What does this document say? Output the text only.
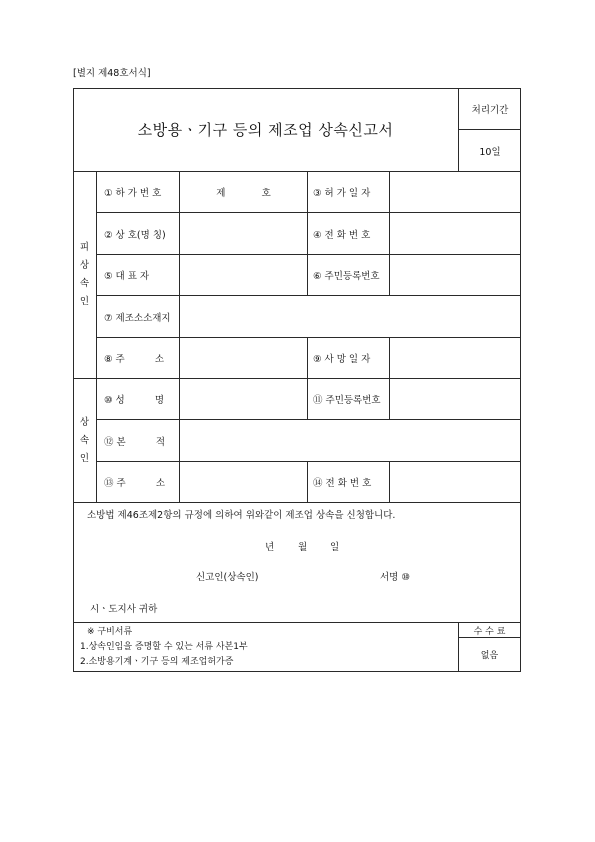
[별지 제48호서식]
소방용ㆍ기구 등의 제조업 상속신고서
처리기간
10일
피상속인
상속인
① 하 가 번 호	제            호	③ 허 가 일 자
② 상 호(명 칭)	④ 전 화 번 호
⑤ 대 표 자	⑥ 주민등록번호
⑦ 제조소소재지
⑧ 주          소	⑨ 사 망 일 자
⑩ 성          명	⑪ 주민등록번호
⑫ 본          적
⑬ 주          소	⑭ 전 화 번 호
소방법 제46조제2항의 규정에 의하여 위와같이 제조업 상속을 신청합니다.
년	월 일
신고인(상속인)	서명 ⑩
시ㆍ도지사 귀하
※ 구비서류
1.상속인임을 증명할 수 있는 서류 사본1부
2.소방용기계ㆍ기구 등의 제조업허가증
수 수 료
없음
